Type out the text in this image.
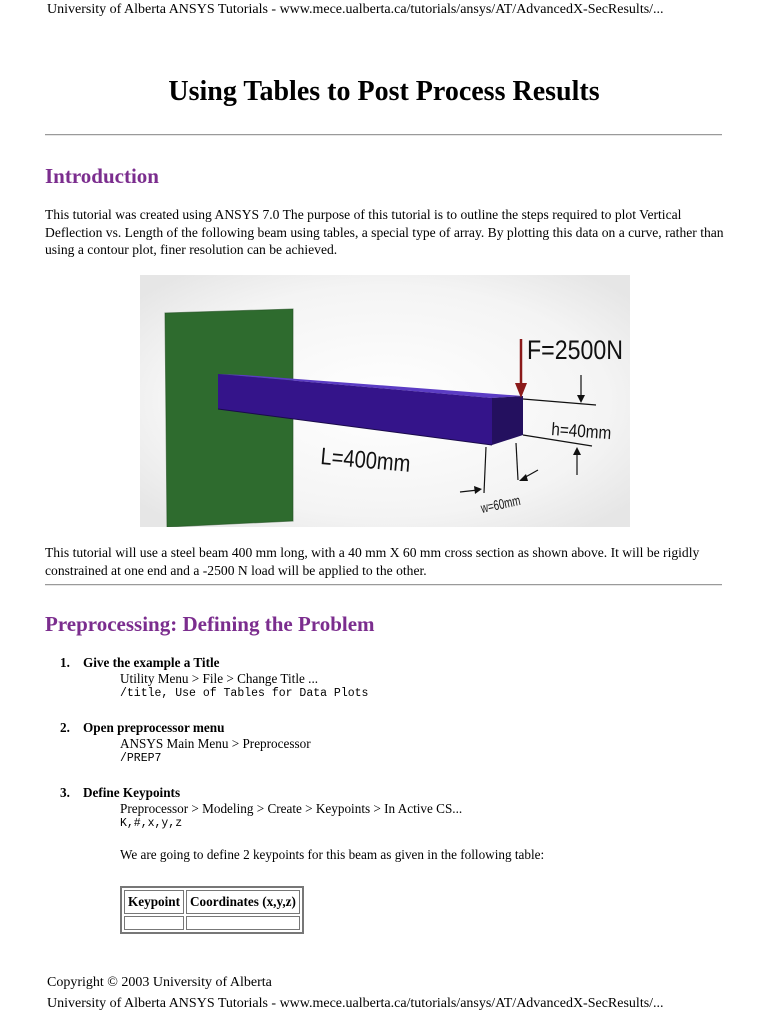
University of Alberta ANSYS Tutorials - www.mece.ualberta.ca/tutorials/ansys/AT/AdvancedX-SecResults/...
Using Tables to Post Process Results
Introduction

This tutorial was created using ANSYS 7.0 The purpose of this tutorial is to outline the steps required to plot Vertical Deflection vs. Length of the following beam using tables, a special type of array. By plotting this data on a curve, rather than using a contour plot, finer resolution can be achieved.

F=2500N
h=40mm
L=400mm
w=60mm

This tutorial will use a steel beam 400 mm long, with a 40 mm X 60 mm cross section as shown above. It will be rigidly constrained at one end and a -2500 N load will be applied to the other.

Preprocessing: Defining the Problem
1. Give the example a Title
Utility Menu > File > Change Title ...
/title, Use of Tables for Data Plots
2. Open preprocessor menu
ANSYS Main Menu > Preprocessor
/PREP7
3. Define Keypoints
Preprocessor > Modeling > Create > Keypoints > In Active CS...
K,#,x,y,z
We are going to define 2 keypoints for this beam as given in the following table:
Keypoint	Coordinates (x,y,z)

Copyright © 2003 University of Alberta
University of Alberta ANSYS Tutorials - www.mece.ualberta.ca/tutorials/ansys/AT/AdvancedX-SecResults/...
